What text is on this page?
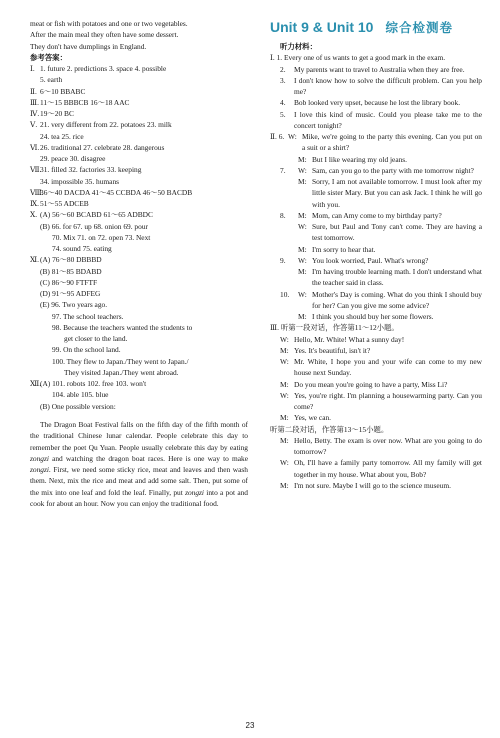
meat or fish with potatoes and one or two vegetables.

After the main meal they often have some dessert.

They don't have dumplings in England.

参考答案：

Ⅰ.1. future 2. predictions 3. space 4. possible

5. earth

Ⅱ.6～10 BBABC

Ⅲ.11～15 BBBCB 16～18 AAC

Ⅳ.19～20 BC

Ⅴ.21. very different from 22. potatoes 23. milk

24. tea 25. rice

Ⅵ.26. traditional 27. celebrate 28. dangerous

29. peace 30. disagree

Ⅶ.31. filled 32. factories 33. keeping

34. impossible 35. humans

Ⅷ.36～40 DACDA 41～45 CCBDA 46～50 BACDB

Ⅸ.51～55 ADCEB

Ⅹ.(A) 56～60 BCABD 61～65 ADBDC

(B) 66. for 67. up 68. onion 69. pour

70. Mix 71. on 72. open 73. Next

74. sound 75. eating

Ⅺ.(A) 76～80 DBBBD

(B) 81～85 BDABD

(C) 86～90 FTFTF

(D) 91～95 ADFEG

(E) 96. Two years ago.

97. The school teachers.

98. Because the teachers wanted the students to

get closer to the land.

99. On the school land.

100. They flew to Japan./They went to Japan./

They visited Japan./They went abroad.

Ⅻ.(A) 101. robots 102. free 103. won't

104. able 105. blue

(B) One possible version:

The Dragon Boat Festival falls on the fifth day of the fifth month of the traditional Chinese lunar calendar. People celebrate this day to remember the poet Qu Yuan. People usually celebrate this day by eating zongzi and watching the dragon boat races. Here is one way to make zongzi. First, we need some sticky rice, meat and leaves and then wash them. Next, mix the rice and meat and add some salt. Then, put some of the mix into one leaf and fold the leaf. Finally, put zongzi into a pot and cook for about an hour. Now you can enjoy the traditional food.

Unit 9 & Unit 10 综合检测卷

听力材料：

Ⅰ. 1. Every one of us wants to get a good mark in the exam.
2.	My parents want to travel to Australia when they are free.
3.	I don't know how to solve the difficult problem. Can you help me?
4.	Bob looked very upset, because he lost the library book.
5.	I love this kind of music. Could you please take me to the concert tonight?
Ⅱ. 6. W: Mike, we're going to the party this evening. Can you put on a suit or a shirt?
M: But I like wearing my old jeans.
7.	W: Sam, can you go to the party with me tomorrow night?
M: Sorry, I am not available tomorrow. I must look after my little sister Mary. But you can ask Jack. I think he will go with you.
8.	M: Mom, can Amy come to my birthday party?
W: Sure, but Paul and Tony can't come. They are having a test tomorrow.
M: I'm sorry to hear that.
9.	W: You look worried, Paul. What's wrong?
M: I'm having trouble learning math. I don't understand what the teacher said in class.
10.	W: Mother's Day is coming. What do you think I should buy for her? Can you give me some advice?
M: I think you should buy her some flowers.

Ⅲ. 听第一段对话，作答第11～12小题。

W: Hello, Mr. White! What a sunny day!
M: Yes. It's beautiful, isn't it?
W: Mr. White, I hope you and your wife can come to my new house next Sunday.
M: Do you mean you're going to have a party, Miss Li?
W: Yes, you're right. I'm planning a housewarming party. Can you come?
M: Yes, we can.

听第二段对话，作答第13～15小题。

M: Hello, Betty. The exam is over now. What are you going to do tomorrow?
W: Oh, I'll have a family party tomorrow. All my family will get together in my house. What about you, Bob?
M: I'm not sure. Maybe I will go to the science museum.
23
